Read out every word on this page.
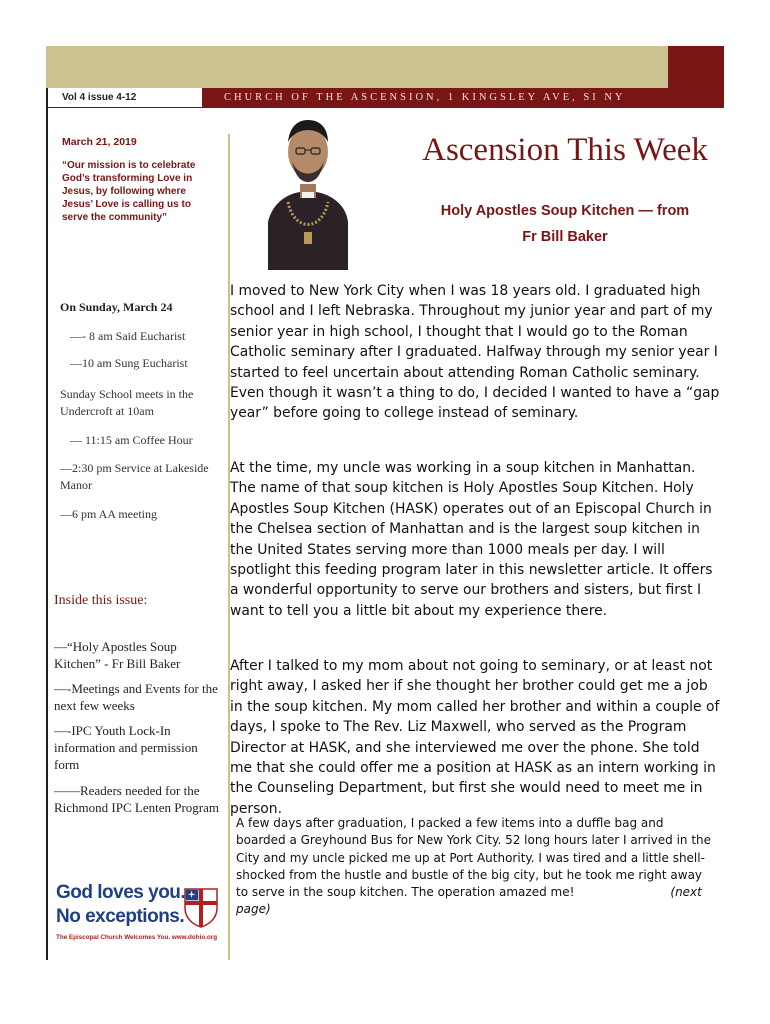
Vol 4 issue 4-12	CHURCH OF THE ASCENSION, 1 KINGSLEY AVE, SI NY
March 21, 2019
“Our mission is to celebrate God’s transforming Love in Jesus, by following where Jesus’ Love is calling us to serve the community”
On Sunday, March 24
—- 8 am Said Eucharist
—10 am Sung Eucharist
Sunday School meets in the Undercroft at 10am
— 11:15 am Coffee Hour
—2:30 pm Service at Lakeside Manor
—6 pm AA meeting
Inside this issue:
—“Holy Apostles Soup Kitchen” - Fr Bill Baker
—-Meetings and Events for the next few weeks
—-IPC Youth Lock-In information and permission form
——Readers needed for the Richmond IPC Lenten Program
God loves you.
No exceptions.
The Episcopal Church Welcomes You. www.dohio.org
Ascension This Week
Holy Apostles Soup Kitchen — from
Fr Bill Baker

I moved to New York City when I was 18 years old. I graduated high school and I left Nebraska. Throughout my junior year and part of my senior year in high school, I thought that I would go to the Roman Catholic seminary after I graduated. Halfway through my senior year I started to feel uncertain about attending Roman Catholic seminary. Even though it wasn’t a thing to do, I decided I wanted to have a “gap year” before going to college instead of seminary.

At the time, my uncle was working in a soup kitchen in Manhattan. The name of that soup kitchen is Holy Apostles Soup Kitchen. Holy Apostles Soup Kitchen (HASK) operates out of an Episcopal Church in the Chelsea section of Manhattan and is the largest soup kitchen in the United States serving more than 1000 meals per day. I will spotlight this feeding program later in this newsletter article. It offers a wonderful opportunity to serve our brothers and sisters, but first I want to tell you a little bit about my experience there.

After I talked to my mom about not going to seminary, or at least not right away, I asked her if she thought her brother could get me a job in the soup kitchen. My mom called her brother and within a couple of days, I spoke to The Rev. Liz Maxwell, who served as the Program Director at HASK, and she interviewed me over the phone. She told me that she could offer me a position at HASK as an intern working in the Counseling Department, but first she would need to meet me in person.

A few days after graduation, I packed a few items into a duffle bag and boarded a Greyhound Bus for New York City. 52 long hours later I arrived in the City and my uncle picked me up at Port Authority. I was tired and a little shell-shocked from the hustle and bustle of the big city, but he took me right away to serve in the soup kitchen. The operation amazed me!	(next page)
